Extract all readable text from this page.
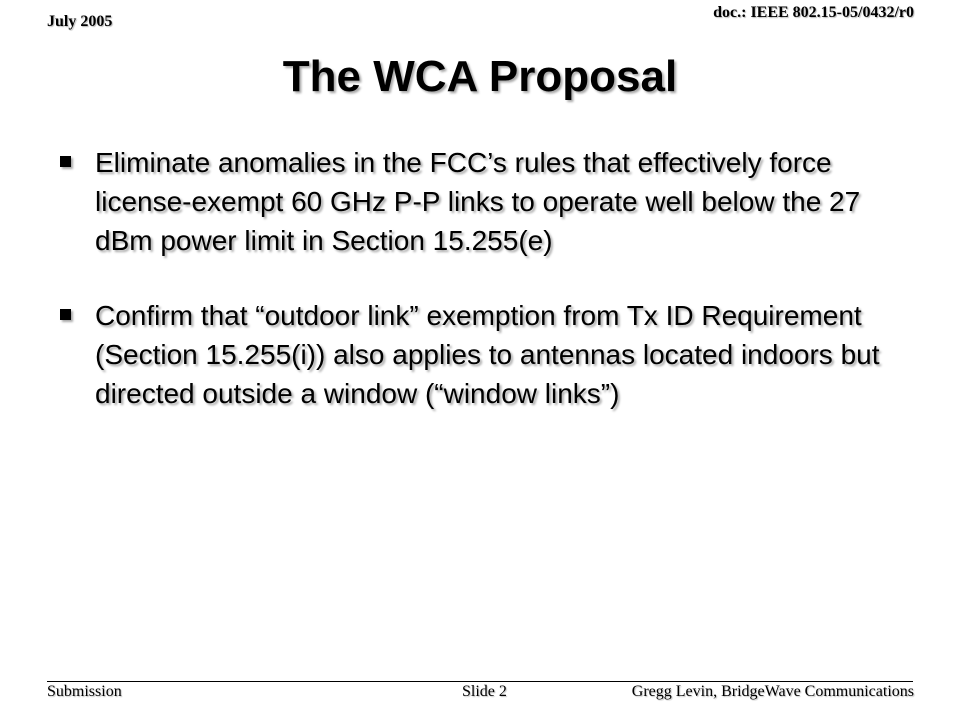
July 2005
doc.: IEEE 802.15-05/0432/r0
The WCA Proposal
Eliminate anomalies in the FCC’s rules that effectively force license-exempt 60 GHz P-P links to operate well below the 27 dBm power limit in Section 15.255(e)
Confirm that “outdoor link” exemption from Tx ID Requirement (Section 15.255(i)) also applies to antennas located indoors but directed outside a window (“window links”)
Submission	Slide 2	Gregg Levin, BridgeWave Communications
